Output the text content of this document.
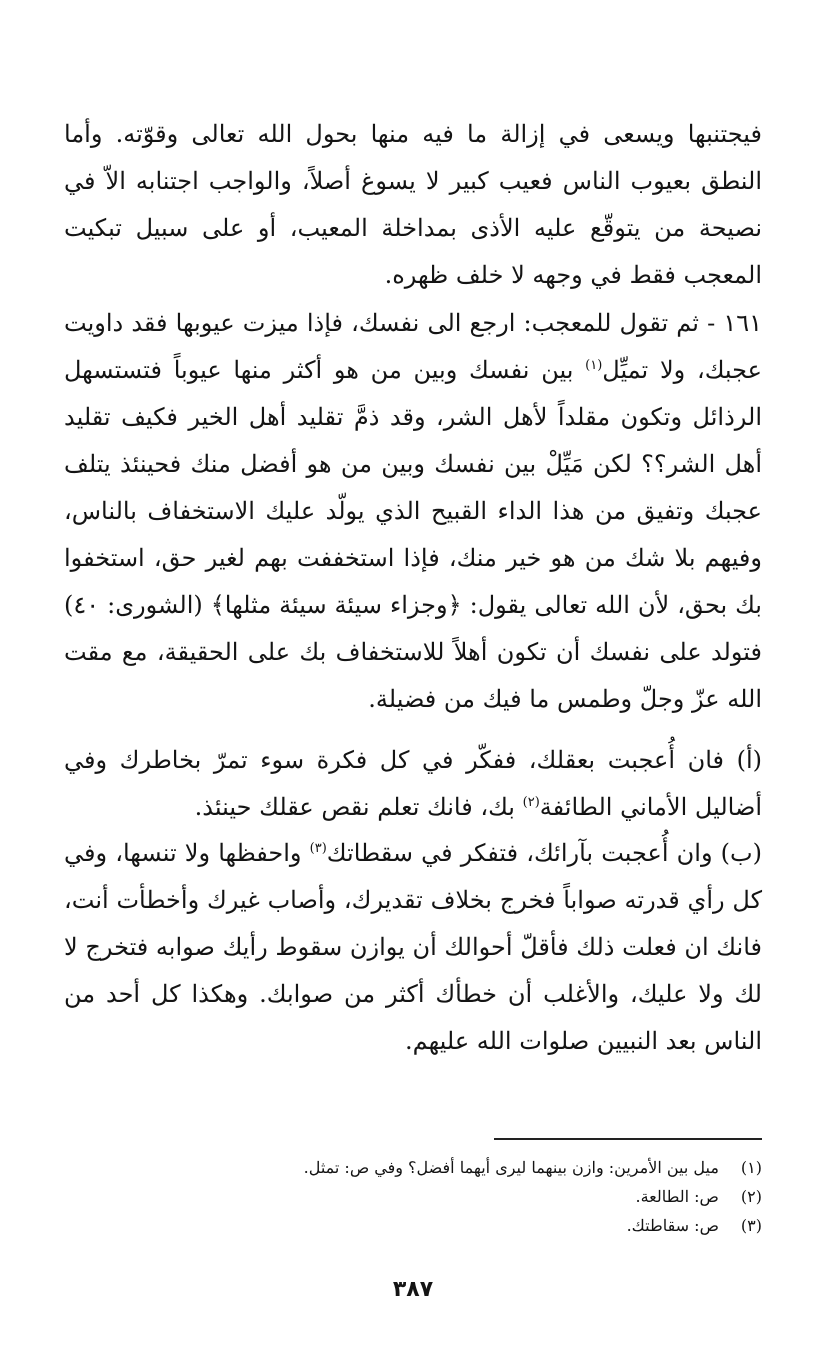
فيجتنبها ويسعى في إزالة ما فيه منها بحول الله تعالى وقوّته. وأما النطق بعيوب الناس فعيب كبير لا يسوغ أصلاً، والواجب اجتنابه الاّ في نصيحة من يتوقّع عليه الأذى بمداخلة المعيب، أو على سبيل تبكيت المعجب فقط في وجهه لا خلف ظهره.

١٦١ - ثم تقول للمعجب: ارجع الى نفسك، فإذا ميزت عيوبها فقد داويت عجبك، ولا تميِّل$^{(١)}$ بين نفسك وبين من هو أكثر منها عيوباً فتستسهل الرذائل وتكون مقلداً لأهل الشر، وقد ذمَّ تقليد أهل الخير فكيف تقليد أهل الشر؟؟ لكن مَيِّلْ بين نفسك وبين من هو أفضل منك فحينئذ يتلف عجبك وتفيق من هذا الداء القبيح الذي يولّد عليك الاستخفاف بالناس، وفيهم بلا شك من هو خير منك، فإذا استخففت بهم لغير حق، استخفوا بك بحق، لأن الله تعالى يقول: ﴿وجزاء سيئة سيئة مثلها﴾ (الشورى: ٤٠) فتولد على نفسك أن تكون أهلاً للاستخفاف بك على الحقيقة، مع مقت الله عزّ وجلّ وطمس ما فيك من فضيلة.

(أ) فان أُعجبت بعقلك، ففكّر في كل فكرة سوء تمرّ بخاطرك وفي أضاليل الأماني الطائفة$^{(٢)}$ بك، فانك تعلم نقص عقلك حينئذ.

(ب) وان أُعجبت بآرائك، فتفكر في سقطاتك$^{(٣)}$ واحفظها ولا تنسها، وفي كل رأي قدرته صواباً فخرج بخلاف تقديرك، وأصاب غيرك وأخطأت أنت، فانك ان فعلت ذلك فأقلّ أحوالك أن يوازن سقوط رأيك صوابه فتخرج لا لك ولا عليك، والأغلب أن خطأك أكثر من صوابك. وهكذا كل أحد من الناس بعد النبيين صلوات الله عليهم.

(١) ميل بين الأمرين: وازن بينهما ليرى أيهما أفضل؟ وفي ص: تمثل.
(٢) ص: الطالعة.
(٣) ص: سقاطتك.
٣٨٧
